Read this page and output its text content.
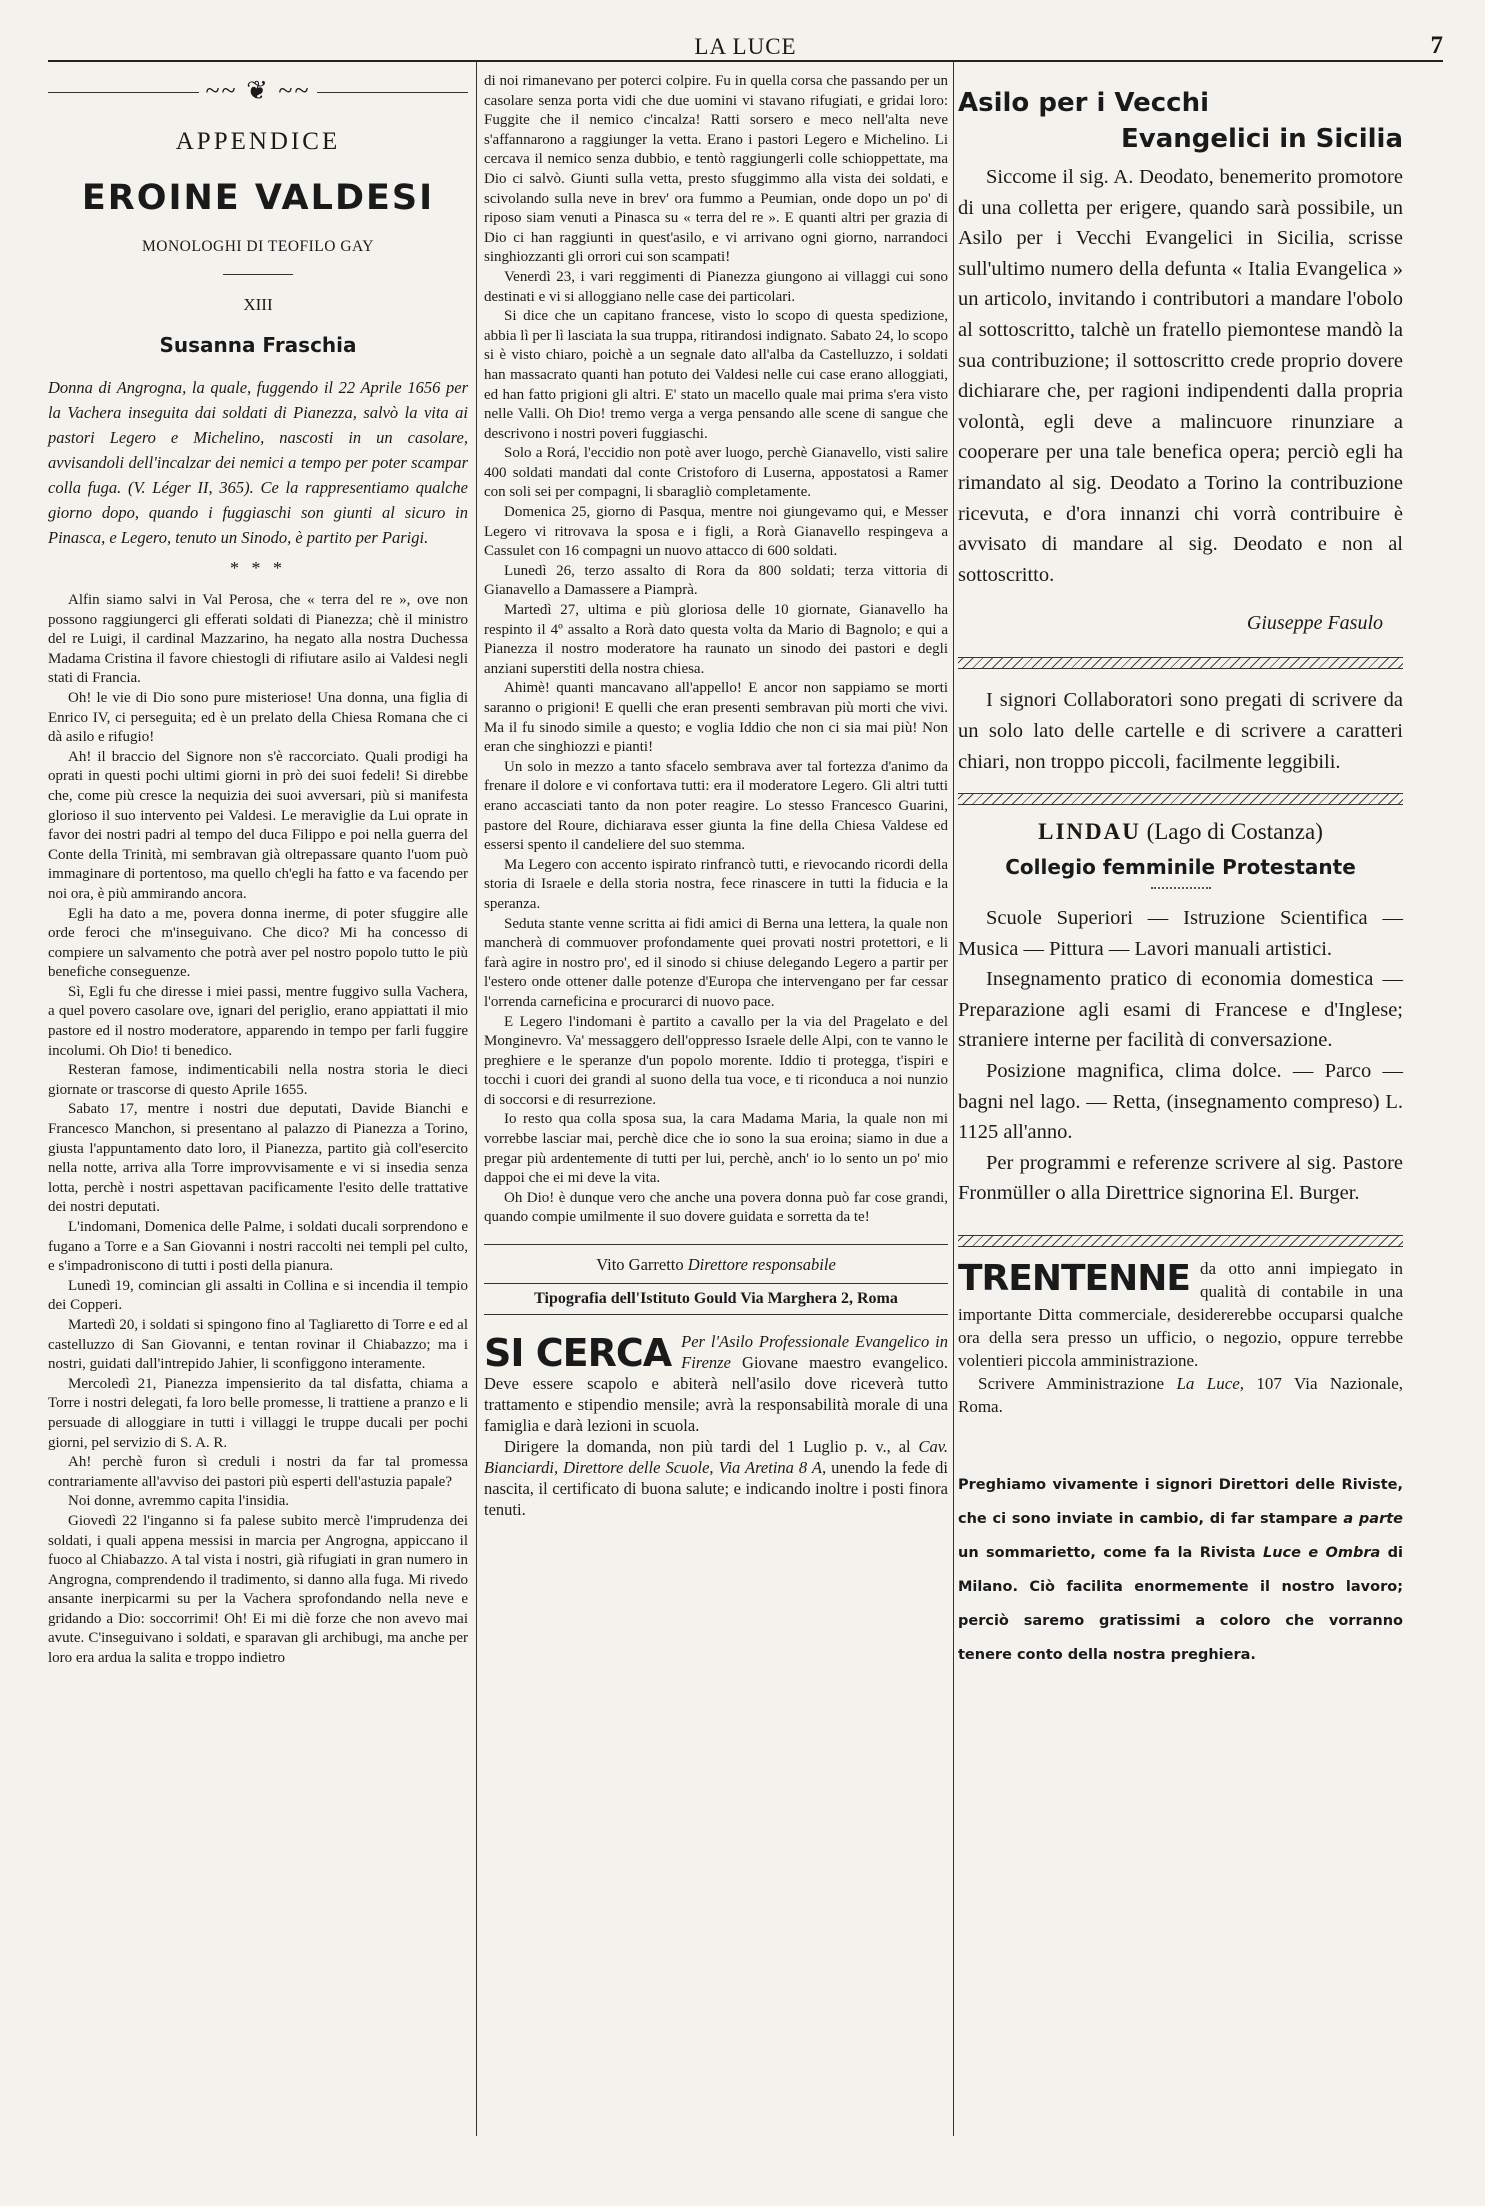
LA LUCE	7
~~ ❦ ~~
APPENDICE
EROINE VALDESI
MONOLOGHI DI TEOFILO GAY
XIII
Susanna Fraschia

Donna di Angrogna, la quale, fuggendo il 22 Aprile 1656 per la Vachera inseguita dai soldati di Pianezza, salvò la vita ai pastori Legero e Michelino, nascosti in un casolare, avvisandoli dell'incalzar dei nemici a tempo per poter scampar colla fuga. (V. Léger II, 365). Ce la rappresentiamo qualche giorno dopo, quando i fuggiaschi son giunti al sicuro in Pinasca, e Legero, tenuto un Sinodo, è partito per Parigi.

* * *

Alfin siamo salvi in Val Perosa, che « terra del re », ove non possono raggiungerci gli efferati soldati di Pianezza; chè il ministro del re Luigi, il cardinal Mazzarino, ha negato alla nostra Duchessa Madama Cristina il favore chiestogli di rifiutare asilo ai Valdesi negli stati di Francia.

Oh! le vie di Dio sono pure misteriose! Una donna, una figlia di Enrico IV, ci perseguita; ed è un prelato della Chiesa Romana che ci dà asilo e rifugio!

Ah! il braccio del Signore non s'è raccorciato. Quali prodigi ha oprati in questi pochi ultimi giorni in prò dei suoi fedeli! Si direbbe che, come più cresce la nequizia dei suoi avversari, più si manifesta glorioso il suo intervento pei Valdesi. Le meraviglie da Lui oprate in favor dei nostri padri al tempo del duca Filippo e poi nella guerra del Conte della Trinità, mi sembravan già oltrepassare quanto l'uom può immaginare di portentoso, ma quello ch'egli ha fatto e va facendo per noi ora, è più ammirando ancora.

Egli ha dato a me, povera donna inerme, di poter sfuggire alle orde feroci che m'inseguivano. Che dico? Mi ha concesso di compiere un salvamento che potrà aver pel nostro popolo tutto le più benefiche conseguenze.

Sì, Egli fu che diresse i miei passi, mentre fuggivo sulla Vachera, a quel povero casolare ove, ignari del periglio, erano appiattati il mio pastore ed il nostro moderatore, apparendo in tempo per farli fuggire incolumi. Oh Dio! ti benedico.

Resteran famose, indimenticabili nella nostra storia le dieci giornate or trascorse di questo Aprile 1655.

Sabato 17, mentre i nostri due deputati, Davide Bianchi e Francesco Manchon, si presentano al palazzo di Pianezza a Torino, giusta l'appuntamento dato loro, il Pianezza, partito già coll'esercito nella notte, arriva alla Torre improvvisamente e vi si insedia senza lotta, perchè i nostri aspettavan pacificamente l'esito delle trattative dei nostri deputati.

L'indomani, Domenica delle Palme, i soldati ducali sorprendono e fugano a Torre e a San Giovanni i nostri raccolti nei templi pel culto, e s'impadroniscono di tutti i posti della pianura.

Lunedì 19, comincian gli assalti in Collina e si incendia il tempio dei Copperi.

Martedì 20, i soldati si spingono fino al Tagliaretto di Torre e ed al castelluzzo di San Giovanni, e tentan rovinar il Chiabazzo; ma i nostri, guidati dall'intrepido Jahier, li sconfiggono interamente.

Mercoledì 21, Pianezza impensierito da tal disfatta, chiama a Torre i nostri delegati, fa loro belle promesse, li trattiene a pranzo e li persuade di alloggiare in tutti i villaggi le truppe ducali per pochi giorni, pel servizio di S. A. R.

Ah! perchè furon sì creduli i nostri da far tal promessa contrariamente all'avviso dei pastori più esperti dell'astuzia papale?

Noi donne, avremmo capita l'insidia.

Giovedì 22 l'inganno si fa palese subito mercè l'imprudenza dei soldati, i quali appena messisi in marcia per Angrogna, appiccano il fuoco al Chiabazzo. A tal vista i nostri, già rifugiati in gran numero in Angrogna, comprendendo il tradimento, si danno alla fuga. Mi rivedo ansante inerpicarmi su per la Vachera sprofondando nella neve e gridando a Dio: soccorrimi! Oh! Ei mi diè forze che non avevo mai avute. C'inseguivano i soldati, e sparavan gli archibugi, ma anche per loro era ardua la salita e troppo indietro

di noi rimanevano per poterci colpire. Fu in quella corsa che passando per un casolare senza porta vidi che due uomini vi stavano rifugiati, e gridai loro: Fuggite che il nemico c'incalza! Ratti sorsero e meco nell'alta neve s'affannarono a raggiunger la vetta. Erano i pastori Legero e Michelino. Li cercava il nemico senza dubbio, e tentò raggiungerli colle schioppettate, ma Dio ci salvò. Giunti sulla vetta, presto sfuggimmo alla vista dei soldati, e scivolando sulla neve in brev' ora fummo a Peumian, onde dopo un po' di riposo siam venuti a Pinasca su « terra del re ». E quanti altri per grazia di Dio ci han raggiunti in quest'asilo, e vi arrivano ogni giorno, narrandoci singhiozzanti gli orrori cui son scampati!

Venerdì 23, i vari reggimenti di Pianezza giungono ai villaggi cui sono destinati e vi si alloggiano nelle case dei particolari.

Si dice che un capitano francese, visto lo scopo di questa spedizione, abbia lì per lì lasciata la sua truppa, ritirandosi indignato. Sabato 24, lo scopo si è visto chiaro, poichè a un segnale dato all'alba da Castelluzzo, i soldati han massacrato quanti han potuto dei Valdesi nelle cui case erano alloggiati, ed han fatto prigioni gli altri. E' stato un macello quale mai prima s'era visto nelle Valli. Oh Dio! tremo verga a verga pensando alle scene di sangue che descrivono i nostri poveri fuggiaschi.

Solo a Rorá, l'eccidio non potè aver luogo, perchè Gianavello, visti salire 400 soldati mandati dal conte Cristoforo di Luserna, appostatosi a Ramer con soli sei per compagni, li sbaragliò completamente.

Domenica 25, giorno di Pasqua, mentre noi giungevamo qui, e Messer Legero vi ritrovava la sposa e i figli, a Rorà Gianavello respingeva a Cassulet con 16 compagni un nuovo attacco di 600 soldati.

Lunedì 26, terzo assalto di Rora da 800 soldati; terza vittoria di Gianavello a Damassere a Piamprà.

Martedì 27, ultima e più gloriosa delle 10 giornate, Gianavello ha respinto il 4º assalto a Rorà dato questa volta da Mario di Bagnolo; e qui a Pianezza il nostro moderatore ha raunato un sinodo dei pastori e degli anziani superstiti della nostra chiesa.

Ahimè! quanti mancavano all'appello! E ancor non sappiamo se morti saranno o prigioni! E quelli che eran presenti sembravan più morti che vivi. Ma il fu sinodo simile a questo; e voglia Iddio che non ci sia mai più! Non eran che singhiozzi e pianti!

Un solo in mezzo a tanto sfacelo sembrava aver tal fortezza d'animo da frenare il dolore e vi confortava tutti: era il moderatore Legero. Gli altri tutti erano accasciati tanto da non poter reagire. Lo stesso Francesco Guarini, pastore del Roure, dichiarava esser giunta la fine della Chiesa Valdese ed essersi spento il candeliere del suo stemma.

Ma Legero con accento ispirato rinfrancò tutti, e rievocando ricordi della storia di Israele e della storia nostra, fece rinascere in tutti la fiducia e la speranza.

Seduta stante venne scritta ai fidi amici di Berna una lettera, la quale non mancherà di commuover profondamente quei provati nostri protettori, e li farà agire in nostro pro', ed il sinodo si chiuse delegando Legero a partir per l'estero onde ottener dalle potenze d'Europa che intervengano per far cessar l'orrenda carneficina e procurarci di nuovo pace.

E Legero l'indomani è partito a cavallo per la via del Pragelato e del Monginevro. Va' messaggero dell'oppresso Israele delle Alpi, con te vanno le preghiere e le speranze d'un popolo morente. Iddio ti protegga, t'ispiri e tocchi i cuori dei grandi al suono della tua voce, e ti riconduca a noi nunzio di soccorsi e di resurrezione.

Io resto qua colla sposa sua, la cara Madama Maria, la quale non mi vorrebbe lasciar mai, perchè dice che io sono la sua eroina; siamo in due a pregar più ardentemente di tutti per lui, perchè, anch' io lo sento un po' mio dappoi che ei mi deve la vita.

Oh Dio! è dunque vero che anche una povera donna può far cose grandi, quando compie umilmente il suo dovere guidata e sorretta da te!

Vito Garretto Direttore responsabile
Tipografia dell'Istituto Gould Via Marghera 2, Roma
SI CERCA Per l'Asilo Professionale Evangelico in Firenze Giovane maestro evangelico. Deve essere scapolo e abiterà nell'asilo dove riceverà tutto trattamento e stipendio mensile; avrà la responsabilità morale di una famiglia e darà lezioni in scuola.

Dirigere la domanda, non più tardi del 1 Luglio p. v., al Cav. Bianciardi, Direttore delle Scuole, Via Aretina 8 A, unendo la fede di nascita, il certificato di buona salute; e indicando inoltre i posti finora tenuti.

Asilo per i Vecchi
Evangelici in Sicilia

Siccome il sig. A. Deodato, benemerito promotore di una colletta per erigere, quando sarà possibile, un Asilo per i Vecchi Evangelici in Sicilia, scrisse sull'ultimo numero della defunta « Italia Evangelica » un articolo, invitando i contributori a mandare l'obolo al sottoscritto, talchè un fratello piemontese mandò la sua contribuzione; il sottoscritto crede proprio dovere dichiarare che, per ragioni indipendenti dalla propria volontà, egli deve a malincuore rinunziare a cooperare per una tale benefica opera; perciò egli ha rimandato al sig. Deodato a Torino la contribuzione ricevuta, e d'ora innanzi chi vorrà contribuire è avvisato di mandare al sig. Deodato e non al sottoscritto.

Giuseppe Fasulo

I signori Collaboratori sono pregati di scrivere da un solo lato delle cartelle e di scrivere a caratteri chiari, non troppo piccoli, facilmente leggibili.

LINDAU (Lago di Costanza)
Collegio femminile Protestante

Scuole Superiori — Istruzione Scientifica — Musica — Pittura — Lavori manuali artistici.

Insegnamento pratico di economia domestica — Preparazione agli esami di Francese e d'Inglese; straniere interne per facilità di conversazione.

Posizione magnifica, clima dolce. — Parco — bagni nel lago. — Retta, (insegnamento compreso) L. 1125 all'anno.

Per programmi e referenze scrivere al sig. Pastore Fronmüller o alla Direttrice signorina El. Burger.

TRENTENNE da otto anni impiegato in qualità di contabile in una importante Ditta commerciale, desidererebbe occuparsi qualche ora della sera presso un ufficio, o negozio, oppure terrebbe volentieri piccola amministrazione.

Scrivere Amministrazione La Luce, 107 Via Nazionale, Roma.

Preghiamo vivamente i signori Direttori delle Riviste, che ci sono inviate in cambio, di far stampare a parte un sommarietto, come fa la Rivista Luce e Ombra di Milano. Ciò facilita enormemente il nostro lavoro; perciò saremo gratissimi a coloro che vorranno tenere conto della nostra preghiera.
